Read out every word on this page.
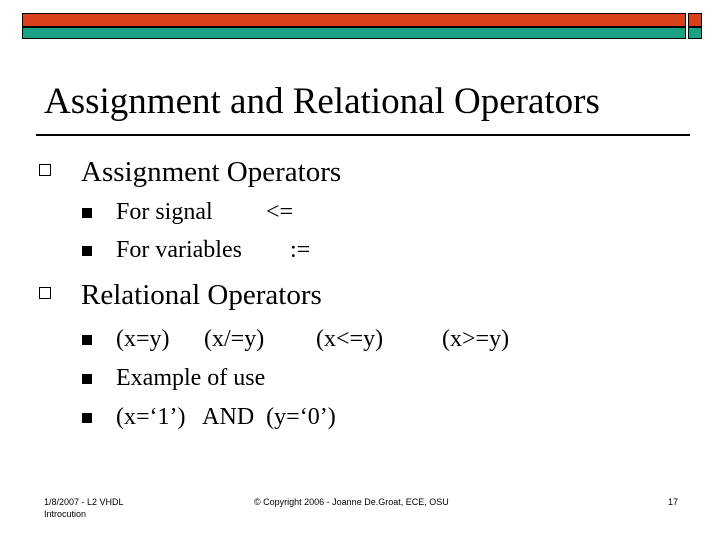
Assignment and Relational Operators
Assignment Operators
For signal <=
For variables :=
Relational Operators
(x=y) (x/=y) (x<=y) (x>=y)
Example of use
(x=‘1’)   AND  (y=‘0’)
1/8/2007 - L2 VHDL
Introcution
© Copyright 2006 - Joanne De.Groat, ECE, OSU	17
